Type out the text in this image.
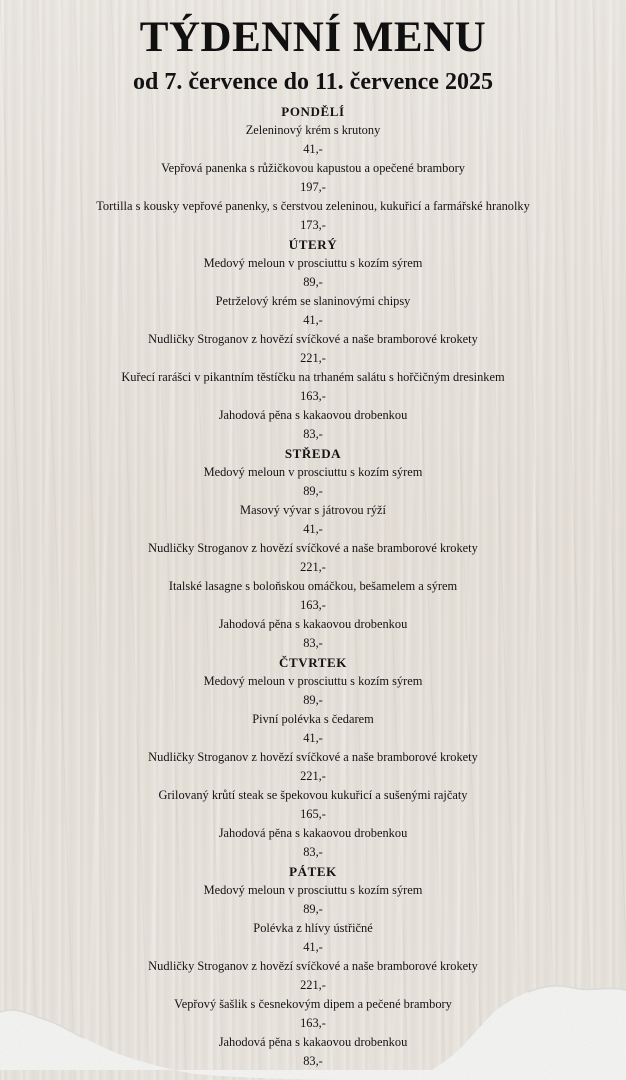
TÝDENNÍ MENU
od 7. července do 11. července 2025
PONDĚLÍ
Zeleninový krém s krutony
41,-
Vepřová panenka s růžičkovou kapustou a opečené brambory
197,-
Tortilla s kousky vepřové panenky, s čerstvou zeleninou, kukuřicí a farmářské hranolky
173,-
ÚTERÝ
Medový meloun v prosciuttu s kozím sýrem
89,-
Petrželový krém se slaninovými chipsy
41,-
Nudličky Stroganov z hovězí svíčkové a naše bramborové krokety
221,-
Kuřecí rarášci v pikantním těstíčku na trhaném salátu s hořčičným dresinkem
163,-
Jahodová pěna s kakaovou drobenkou
83,-
STŘEDA
Medový meloun v prosciuttu s kozím sýrem
89,-
Masový vývar s játrovou rýží
41,-
Nudličky Stroganov z hovězí svíčkové a naše bramborové krokety
221,-
Italské lasagne s boloňskou omáčkou, bešamelem a sýrem
163,-
Jahodová pěna s kakaovou drobenkou
83,-
ČTVRTEK
Medový meloun v prosciuttu s kozím sýrem
89,-
Pivní polévka s čedarem
41,-
Nudličky Stroganov z hovězí svíčkové a naše bramborové krokety
221,-
Grilovaný krůtí steak se špekovou kukuřicí a sušenými rajčaty
165,-
Jahodová pěna s kakaovou drobenkou
83,-
PÁTEK
Medový meloun v prosciuttu s kozím sýrem
89,-
Polévka z hlívy ústřičné
41,-
Nudličky Stroganov z hovězí svíčkové a naše bramborové krokety
221,-
Vepřový šašlik s česnekovým dipem a pečené brambory
163,-
Jahodová pěna s kakaovou drobenkou
83,-
